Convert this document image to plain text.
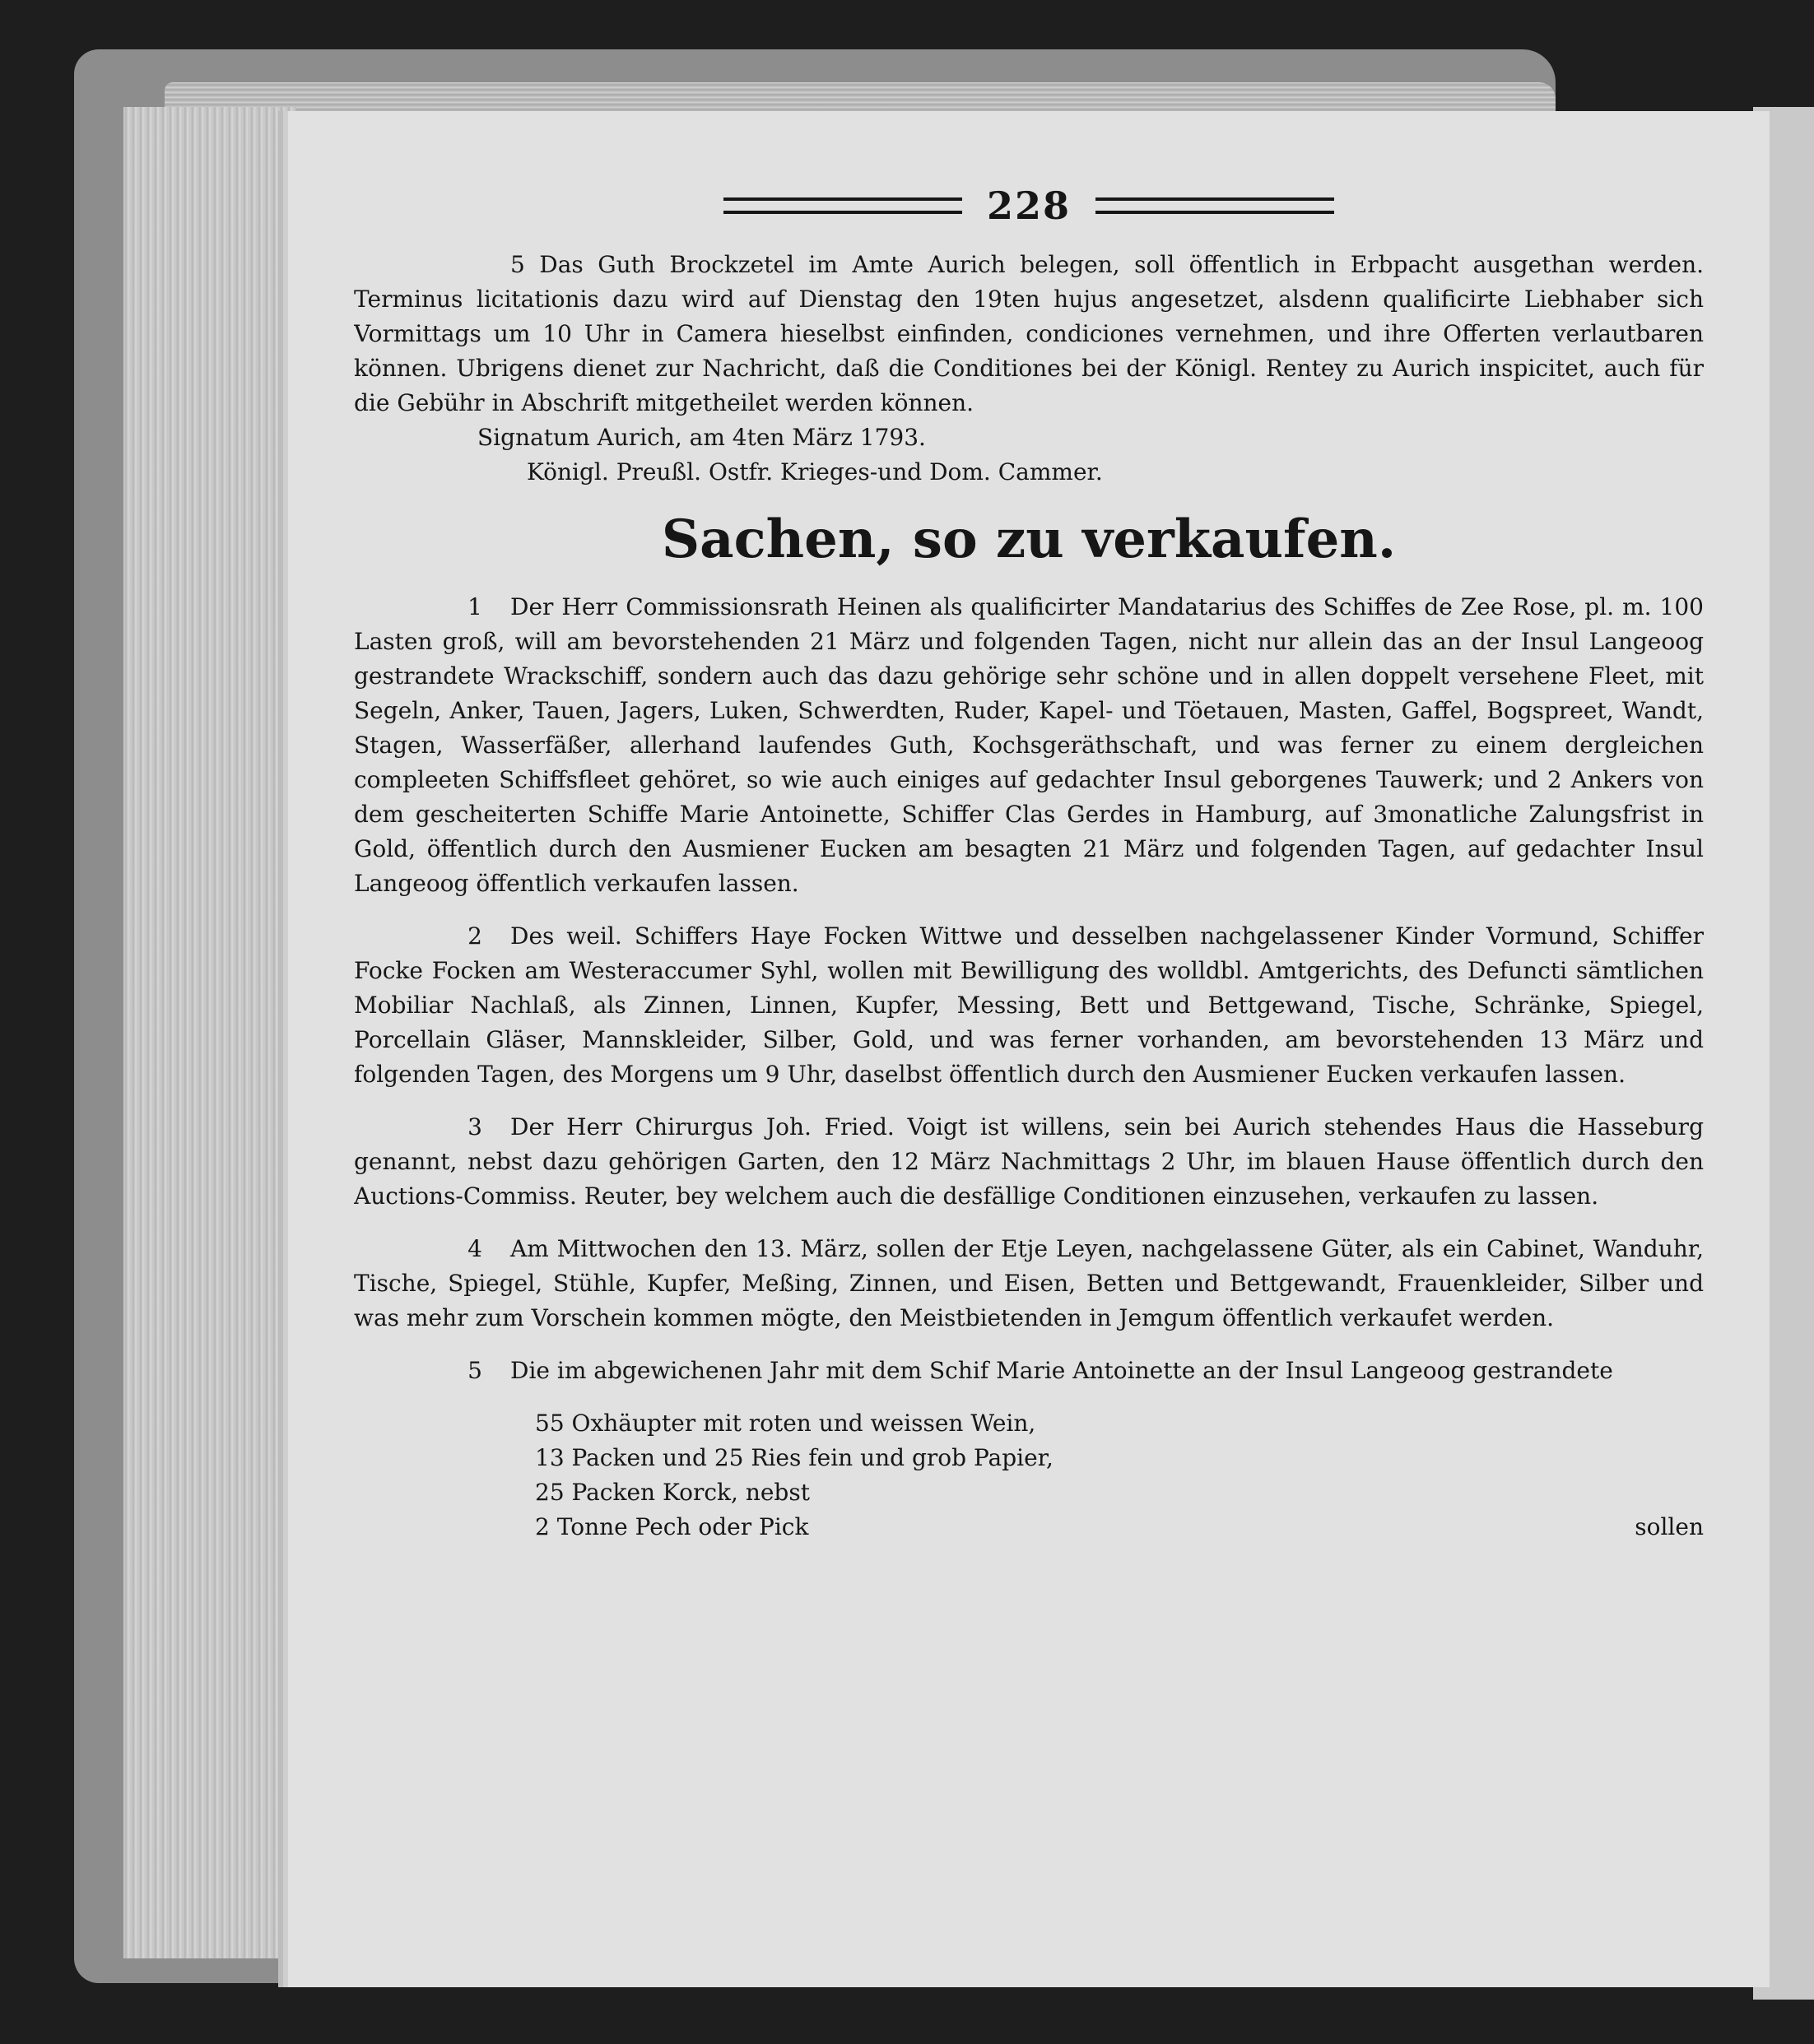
228

5 Das Guth Brockzetel im Amte Aurich belegen, soll öffentlich in Erbpacht ausgethan werden. Terminus licitationis dazu wird auf Dienstag den 19ten hujus angesetzet, alsdenn qualificirte Liebhaber sich Vormittags um 10 Uhr in Camera hieselbst einfinden, condiciones vernehmen, und ihre Offerten verlautbaren können. Ubrigens dienet zur Nachricht, daß die Conditiones bei der Königl. Rentey zu Aurich inspicitet, auch für die Gebühr in Abschrift mitgetheilet werden können.

Signatum Aurich, am 4ten März 1793.

Königl. Preußl. Ostfr. Krieges-und Dom. Cammer.

Sachen, so zu verkaufen.

1 Der Herr Commissionsrath Heinen als qualificirter Mandatarius des Schiffes de Zee Rose, pl. m. 100 Lasten groß, will am bevorstehenden 21 März und folgenden Tagen, nicht nur allein das an der Insul Langeoog gestrandete Wrackschiff, sondern auch das dazu gehörige sehr schöne und in allen doppelt versehene Fleet, mit Segeln, Anker, Tauen, Jagers, Luken, Schwerdten, Ruder, Kapel- und Töetauen, Masten, Gaffel, Bogspreet, Wandt, Stagen, Wasserfäßer, allerhand laufendes Guth, Kochsgeräthschaft, und was ferner zu einem dergleichen compleeten Schiffsfleet gehöret, so wie auch einiges auf gedachter Insul geborgenes Tauwerk; und 2 Ankers von dem gescheiterten Schiffe Marie Antoinette, Schiffer Clas Gerdes in Hamburg, auf 3monatliche Zalungsfrist in Gold, öffentlich durch den Ausmiener Eucken am besagten 21 März und folgenden Tagen, auf gedachter Insul Langeoog öffentlich verkaufen lassen.

2 Des weil. Schiffers Haye Focken Wittwe und desselben nachgelassener Kinder Vormund, Schiffer Focke Focken am Westeraccumer Syhl, wollen mit Bewilligung des wolldbl. Amtgerichts, des Defuncti sämtlichen Mobiliar Nachlaß, als Zinnen, Linnen, Kupfer, Messing, Bett und Bettgewand, Tische, Schränke, Spiegel, Porcellain Gläser, Mannskleider, Silber, Gold, und was ferner vorhanden, am bevorstehenden 13 März und folgenden Tagen, des Morgens um 9 Uhr, daselbst öffentlich durch den Ausmiener Eucken verkaufen lassen.

3 Der Herr Chirurgus Joh. Fried. Voigt ist willens, sein bei Aurich stehendes Haus die Hasseburg genannt, nebst dazu gehörigen Garten, den 12 März Nachmittags 2 Uhr, im blauen Hause öffentlich durch den Auctions-Commiss. Reuter, bey welchem auch die desfällige Conditionen einzusehen, verkaufen zu lassen.

4 Am Mittwochen den 13. März, sollen der Etje Leyen, nachgelassene Güter, als ein Cabinet, Wanduhr, Tische, Spiegel, Stühle, Kupfer, Meßing, Zinnen, und Eisen, Betten und Bettgewandt, Frauenkleider, Silber und was mehr zum Vorschein kommen mögte, den Meistbietenden in Jemgum öffentlich verkaufet werden.

5 Die im abgewichenen Jahr mit dem Schif Marie Antoinette an der Insul Langeoog gestrandete

55 Oxhäupter mit roten und weissen Wein,
13 Packen und 25 Ries fein und grob Papier,
25 Packen Korck, nebst
2 Tonne Pech oder Pick	sollen
